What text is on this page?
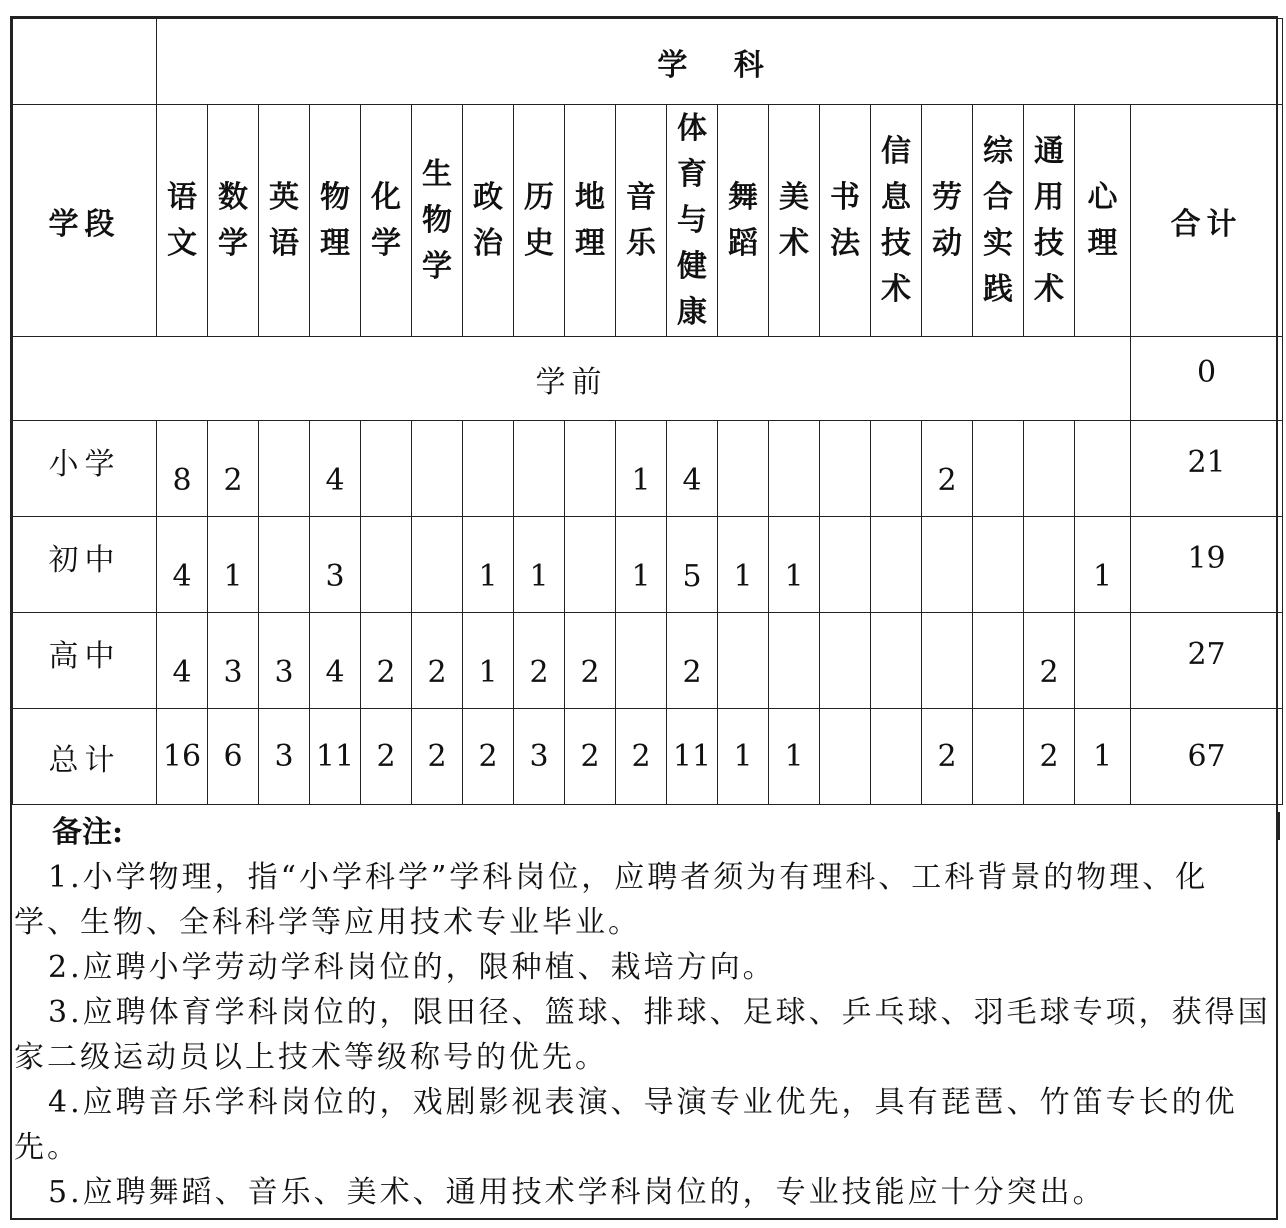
	学 科																			
学段	语文	数学	英语	物理	化学	生物学	政治	历史	地理	音乐	体育与健康	舞蹈	美术	书法	信息技术	劳动	综合实践	通用技术	心理	合计
学前																				0
小学	8	2		4						1	4					2				21
初中	4	1		3			1	1		1	5	1	1						1	19
高中	4	3	3	4	2	2	1	2	2		2							2		27
总计	16	6	3	11	2	2	2	3	2	2	11	1	1			2		2	1	67
备注:

1.小学物理，指“小学科学”学科岗位，应聘者须为有理科、工科背景的物理、化学、生物、全科科学等应用技术专业毕业。

2.应聘小学劳动学科岗位的，限种植、栽培方向。

3.应聘体育学科岗位的，限田径、篮球、排球、足球、乒乓球、羽毛球专项，获得国家二级运动员以上技术等级称号的优先。

4.应聘音乐学科岗位的，戏剧影视表演、导演专业优先，具有琵琶、竹笛专长的优先。

5.应聘舞蹈、音乐、美术、通用技术学科岗位的，专业技能应十分突出。
